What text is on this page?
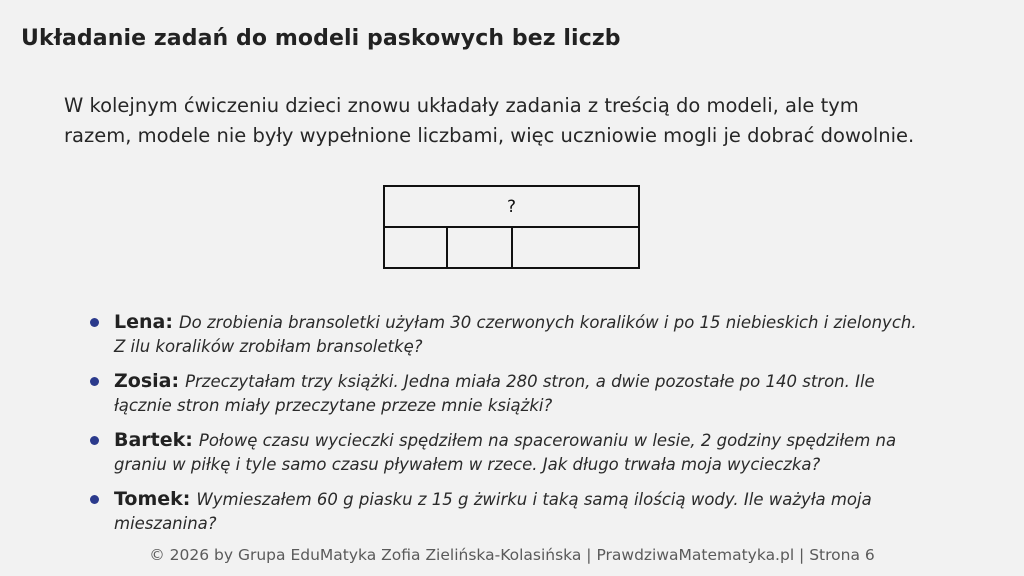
Układanie zadań do modeli paskowych bez liczb
W kolejnym ćwiczeniu dzieci znowu układały zadania z treścią do modeli, ale tym
razem, modele nie były wypełnione liczbami, więc uczniowie mogli je dobrać dowolnie.
?
Lena: Do zrobienia bransoletki użyłam 30 czerwonych koralików i po 15 niebieskich i zielonych.
Z ilu koralików zrobiłam bransoletkę?
Zosia: Przeczytałam trzy książki. Jedna miała 280 stron, a dwie pozostałe po 140 stron. Ile
łącznie stron miały przeczytane przeze mnie książki?
Bartek: Połowę czasu wycieczki spędziłem na spacerowaniu w lesie, 2 godziny spędziłem na
graniu w piłkę i tyle samo czasu pływałem w rzece. Jak długo trwała moja wycieczka?
Tomek: Wymieszałem 60 g piasku z 15 g żwirku i taką samą ilością wody. Ile ważyła moja
mieszanina?
© 2026 by Grupa EduMatyka Zofia Zielińska-Kolasińska | PrawdziwaMatematyka.pl | Strona 6
